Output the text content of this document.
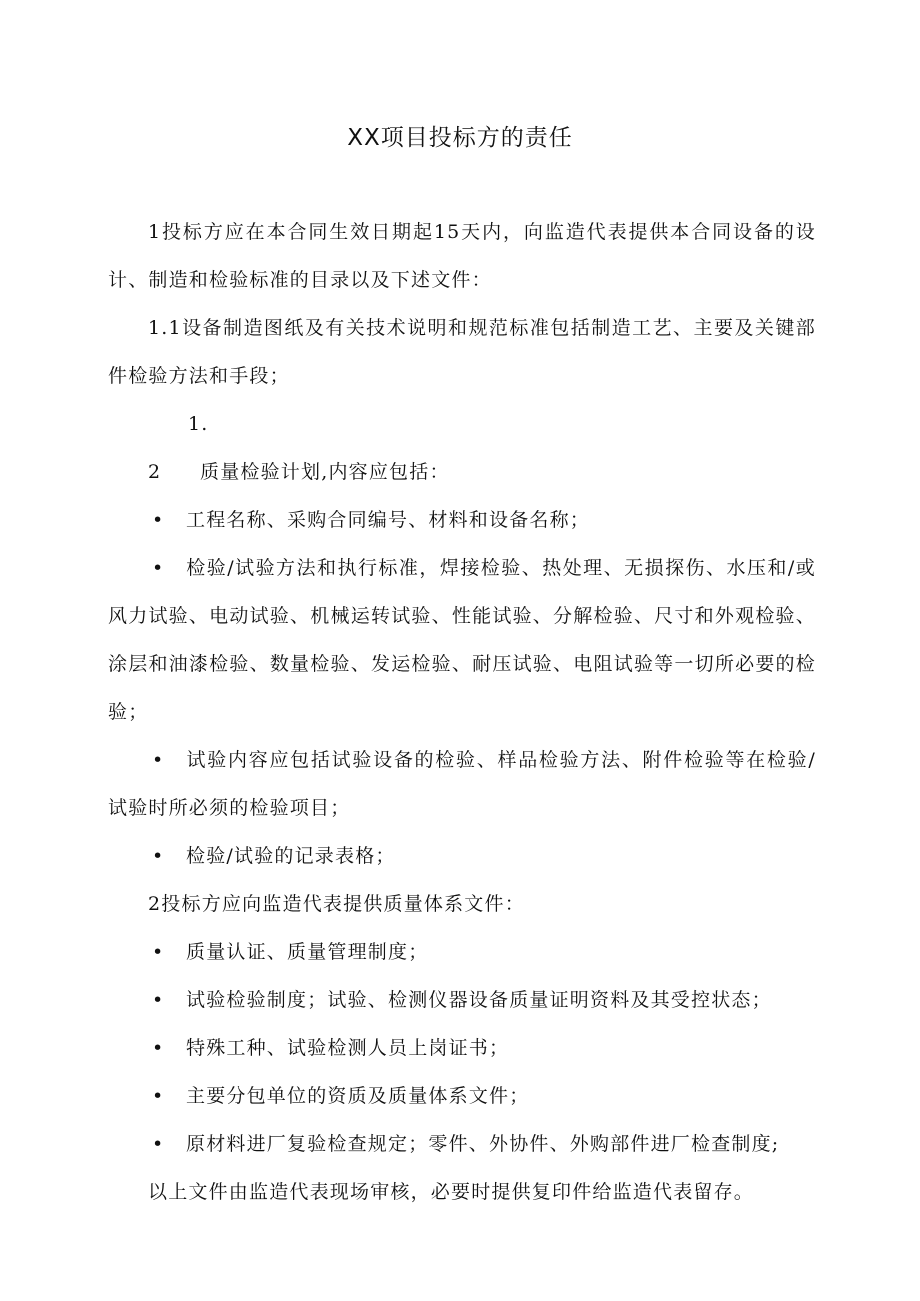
XX项目投标方的责任

1投标方应在本合同生效日期起15天内，向监造代表提供本合同设备的设计、制造和检验标准的目录以及下述文件：

1.1设备制造图纸及有关技术说明和规范标准包括制造工艺、主要及关键部件检验方法和手段；

1.2 质量检验计划,内容应包括：

• 工程名称、采购合同编号、材料和设备名称；

• 检验/试验方法和执行标准，焊接检验、热处理、无损探伤、水压和/或风力试验、电动试验、机械运转试验、性能试验、分解检验、尺寸和外观检验、涂层和油漆检验、数量检验、发运检验、耐压试验、电阻试验等一切所必要的检验；

• 试验内容应包括试验设备的检验、样品检验方法、附件检验等在检验/试验时所必须的检验项目；

• 检验/试验的记录表格；

2投标方应向监造代表提供质量体系文件：

• 质量认证、质量管理制度；

• 试验检验制度；试验、检测仪器设备质量证明资料及其受控状态；

• 特殊工种、试验检测人员上岗证书；

• 主要分包单位的资质及质量体系文件；

• 原材料进厂复验检查规定；零件、外协件、外购部件进厂检查制度;

以上文件由监造代表现场审核，必要时提供复印件给监造代表留存。
